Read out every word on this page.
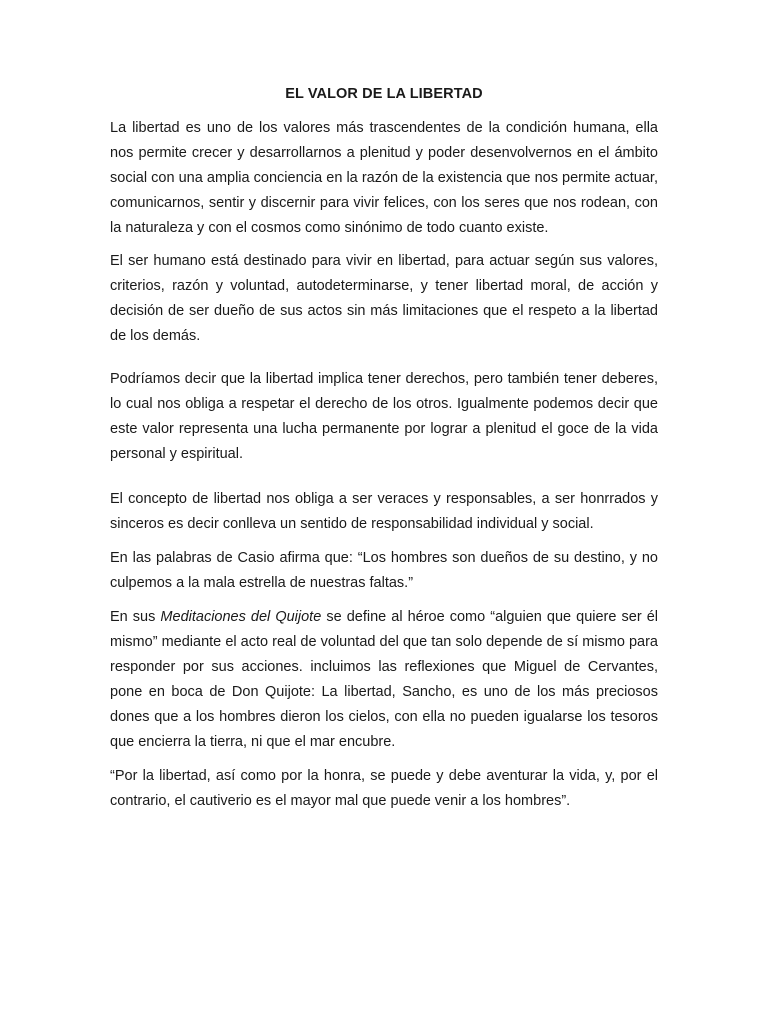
EL VALOR DE LA LIBERTAD

La libertad es uno de los valores más trascendentes de la condición humana, ella nos permite crecer y desarrollarnos a plenitud y poder desenvolvernos en el ámbito social con una amplia conciencia en la razón de la existencia que nos permite actuar, comunicarnos, sentir y discernir para vivir felices, con los seres que nos rodean, con la naturaleza y con el cosmos como sinónimo de todo cuanto existe.

El ser humano está destinado para vivir en libertad, para actuar según sus valores, criterios, razón y voluntad, autodeterminarse, y tener libertad moral, de acción y decisión de ser dueño de sus actos sin más limitaciones que el respeto a la libertad de los demás.

Podríamos decir que la libertad implica tener derechos, pero también tener deberes, lo cual nos obliga a respetar el derecho de los otros. Igualmente podemos decir que este valor representa una lucha permanente por lograr a plenitud el goce de la vida personal y espiritual.

El concepto de libertad nos obliga a ser veraces y responsables, a ser honrrados y sinceros es decir conlleva un sentido de responsabilidad individual y social.

En las palabras de Casio afirma que: “Los hombres son dueños de su destino, y no culpemos a la mala estrella de nuestras faltas.”

En sus Meditaciones del Quijote se define al héroe como “alguien que quiere ser él mismo” mediante el acto real de voluntad del que tan solo depende de sí mismo para responder por sus acciones. incluimos las reflexiones que Miguel de Cervantes, pone en boca de Don Quijote: La libertad, Sancho, es uno de los más preciosos dones que a los hombres dieron los cielos, con ella no pueden igualarse los tesoros que encierra la tierra, ni que el mar encubre.

“Por la libertad, así como por la honra, se puede y debe aventurar la vida, y, por el contrario, el cautiverio es el mayor mal que puede venir a los hombres”.
